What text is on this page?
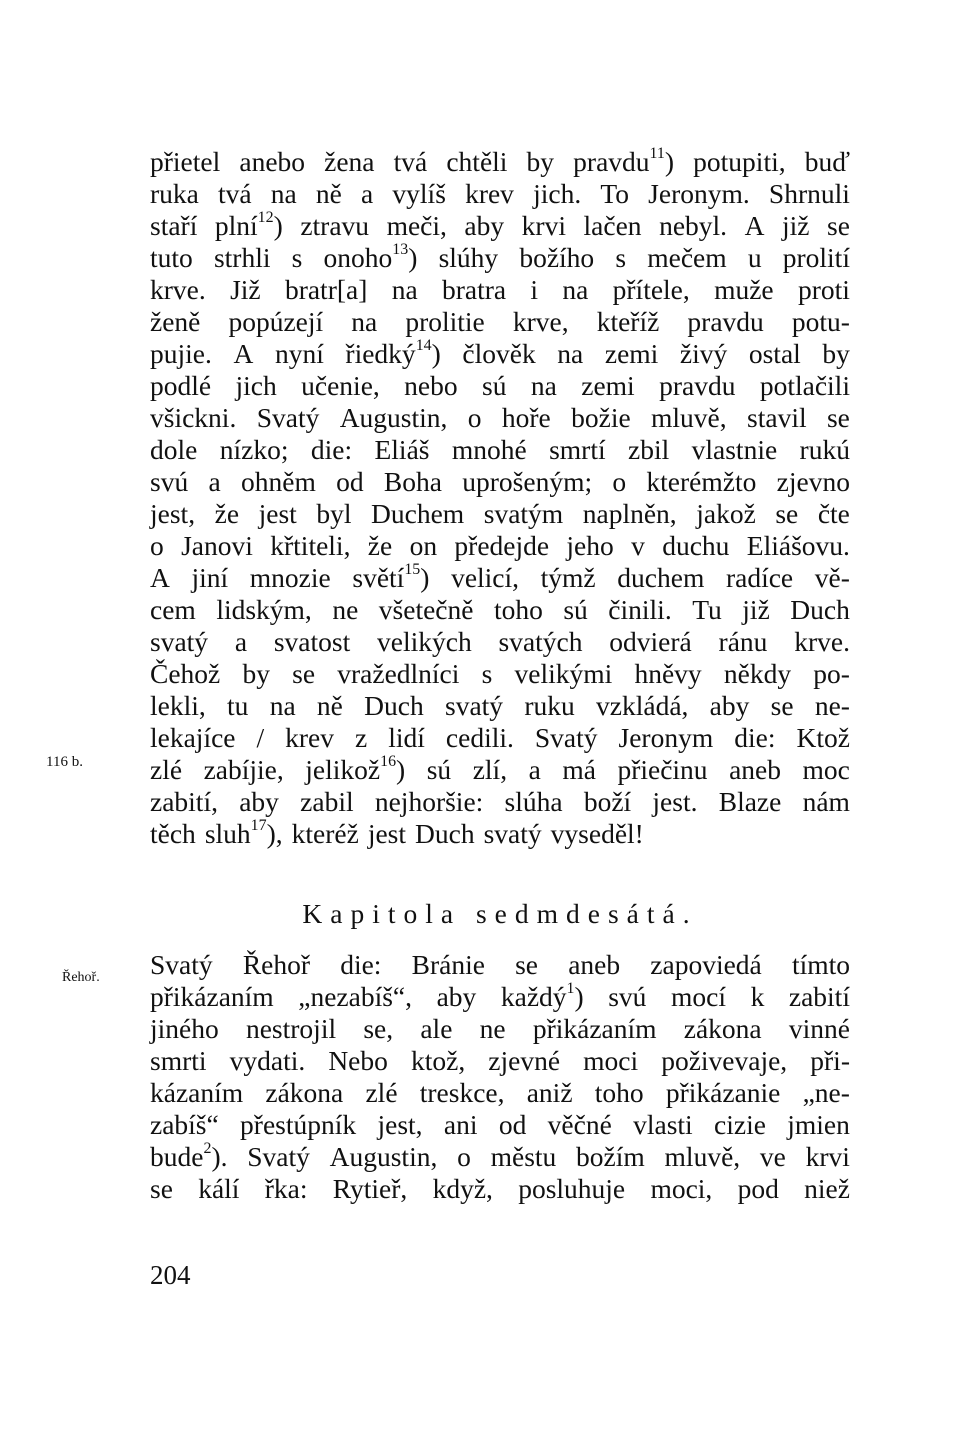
přietel anebo žena tvá chtěli by pravdu$^{11}$) potupiti, buď
ruka tvá na ně a vylíš krev jich. To Jeronym. Shrnuli
staří plní$^{12}$) ztravu meči, aby krvi lačen nebyl. A již se
tuto strhli s onoho$^{13}$) slúhy božího s mečem u prolití
krve. Již bratr[a] na bratra i na přítele, muže proti
ženě popúzejí na prolitie krve, kteříž pravdu potu-
pujie. A nyní řiedký$^{14}$) člověk na zemi živý ostal by
podlé jich učenie, nebo sú na zemi pravdu potlačili
všickni. Svatý Augustin, o hoře božie mluvě, stavil se
dole nízko; die: Eliáš mnohé smrtí zbil vlastnie rukú
svú a ohněm od Boha uprošeným; o kterémžto zjevno
jest, že jest byl Duchem svatým naplněn, jakož se čte
o Janovi křtiteli, že on předejde jeho v duchu Eliášovu.
A jiní mnozie světí$^{15}$) velicí, týmž duchem radíce vě-
cem lidským, ne všetečně toho sú činili. Tu již Duch
svatý a svatost velikých svatých odvierá ránu krve.
Čehož by se vražedlníci s velikými hněvy někdy po-
lekli, tu na ně Duch svatý ruku vzkládá, aby se ne-
lekajíce / krev z lidí cedili. Svatý Jeronym die: Ktož
zlé zabíjie, jelikož$^{16}$) sú zlí, a má přiečinu aneb moc
zabití, aby zabil nejhoršie: slúha boží jest. Blaze nám
těch sluh$^{17}$), kteréž jest Duch svatý vyseděl!
Kapitola sedmdesátá.
Svatý Řehoř die: Bránie se aneb zapoviedá tímto
přikázaním „nezabíš“, aby každý$^1$) svú mocí k zabití
jiného nestrojil se, ale ne přikázaním zákona vinné
smrti vydati. Nebo ktož, zjevné moci poživevaje, při-
kázaním zákona zlé treskce, aniž toho přikázanie „ne-
zabíš“ přestúpník jest, ani od věčné vlasti cizie jmien
bude$^2$). Svatý Augustin, o městu božím mluvě, ve krvi
se kálí řka: Rytieř, když, posluhuje moci, pod niež
116 b.
Řehoř.
204
